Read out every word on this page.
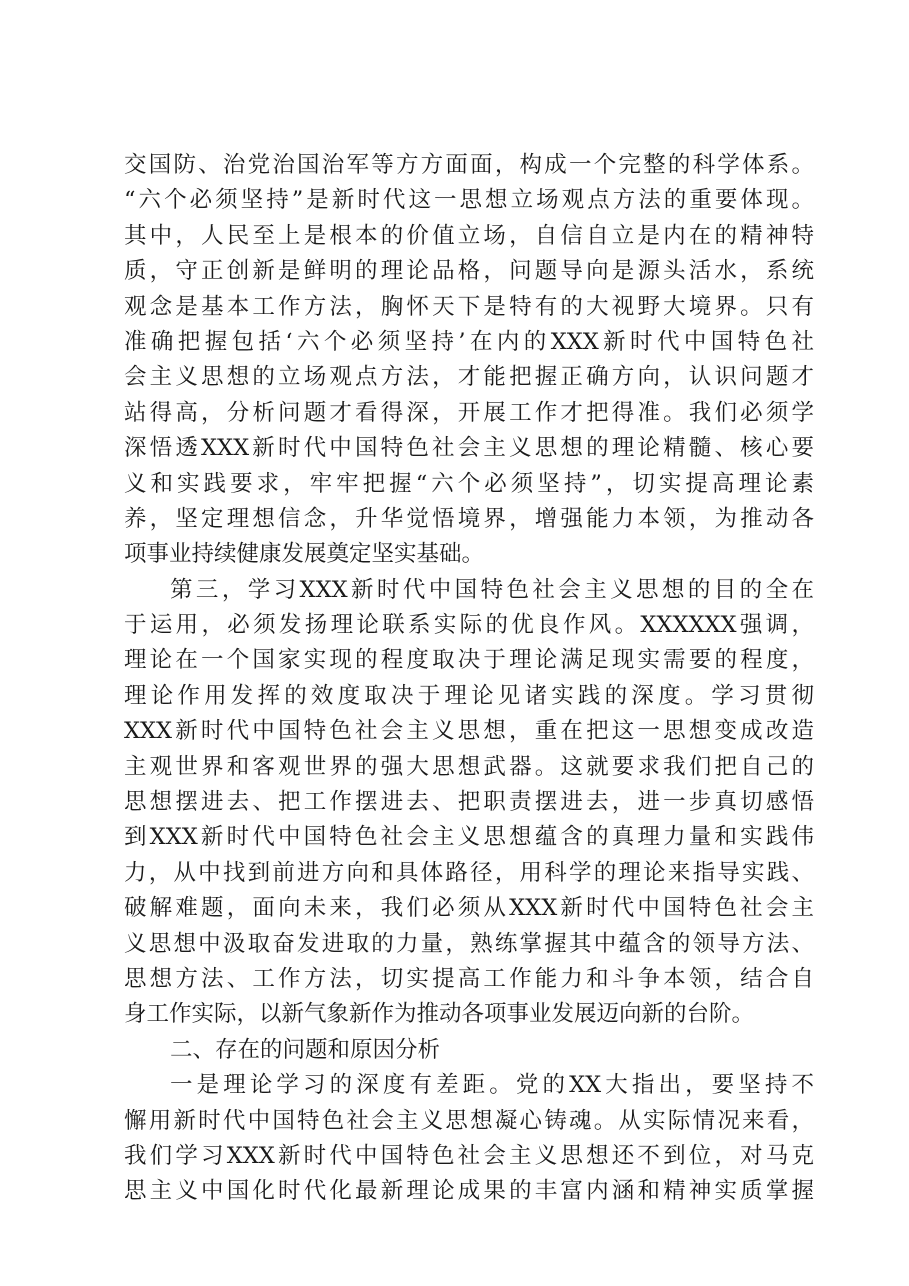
交国防、治党治国治军等方方面面，构成一个完整的科学体系。
“六个必须坚持”是新时代这一思想立场观点方法的重要体现。
其中，人民至上是根本的价值立场，自信自立是内在的精神特
质，守正创新是鲜明的理论品格，问题导向是源头活水，系统
观念是基本工作方法，胸怀天下是特有的大视野大境界。只有
准确把握包括‘六个必须坚持’在内的XXX新时代中国特色社
会主义思想的立场观点方法，才能把握正确方向，认识问题才
站得高，分析问题才看得深，开展工作才把得准。我们必须学
深悟透XXX新时代中国特色社会主义思想的理论精髓、核心要
义和实践要求，牢牢把握“六个必须坚持”，切实提高理论素
养，坚定理想信念，升华觉悟境界，增强能力本领，为推动各
项事业持续健康发展奠定坚实基础。
第三，学习XXX新时代中国特色社会主义思想的目的全在
于运用，必须发扬理论联系实际的优良作风。XXXXXX强调，
理论在一个国家实现的程度取决于理论满足现实需要的程度，
理论作用发挥的效度取决于理论见诸实践的深度。学习贯彻
XXX新时代中国特色社会主义思想，重在把这一思想变成改造
主观世界和客观世界的强大思想武器。这就要求我们把自己的
思想摆进去、把工作摆进去、把职责摆进去，进一步真切感悟
到XXX新时代中国特色社会主义思想蕴含的真理力量和实践伟
力，从中找到前进方向和具体路径，用科学的理论来指导实践、
破解难题，面向未来，我们必须从XXX新时代中国特色社会主
义思想中汲取奋发进取的力量，熟练掌握其中蕴含的领导方法、
思想方法、工作方法，切实提高工作能力和斗争本领，结合自
身工作实际，以新气象新作为推动各项事业发展迈向新的台阶。
二、存在的问题和原因分析
一是理论学习的深度有差距。党的XX大指出，要坚持不
懈用新时代中国特色社会主义思想凝心铸魂。从实际情况来看，
我们学习XXX新时代中国特色社会主义思想还不到位，对马克
思主义中国化时代化最新理论成果的丰富内涵和精神实质掌握
